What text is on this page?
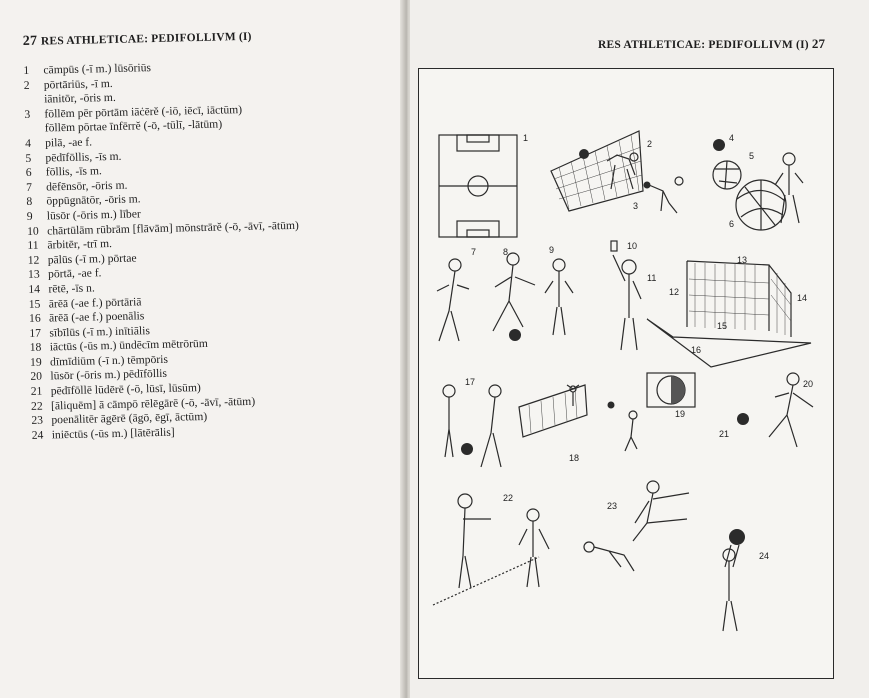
27 RES ATHLETICAE: PEDIFOLLIVM (I)
1	cāmpūs (-ī m.) lūsōriūs
2	pōrtāriūs, -ī m.
iānitōr, -ōris m.
3	fōllēm pēr pōrtām iāċērĕ (-iō, iēcī, iāctūm)
fōllēm pōrtae īnfērrĕ (-ō, -tūlī, -lātūm)
4	pilā, -ae f.
5	pēdīfōllis, -īs m.
6	fōllis, -īs m.
7	dēfēnsōr, -ōris m.
8	ōppūgnātōr, -ōris m.
9	lūsōr (-ōris m.) līber
10 chārtūlām rūbrām [flāvām] mōnstrārĕ (-ō, -āvī, -ātūm)
11 ārbitēr, -trī m.
12 pālūs (-ī m.) pōrtae
13 pōrtā, -ae f.
14 rētē, -īs n.
15 ārēā (-ae f.) pōrtāriā
16 ārēā (-ae f.) poenālis
17 sībīlūs (-ī m.) inītiālis
18 iāctūs (-ūs m.) ūndēcīm mētrōrūm
19 dīmīdiūm (-ī n.) tēmpōris
20 lūsōr (-ōris m.) pēdīfōllis
21 pēdīfōllē lūdērē (-ō, lūsī, lūsūm)
22 [āliquēm] ā cāmpō rēlēgārē (-ō, -āvī, -ātūm)
23 poenālitēr āgērē (āgō, ēgī, āctūm)
24 iniēctūs (-ūs m.) [lātērālis]
RES ATHLETICAE: PEDIFOLLIVM (I) 27
1
2
3
4
5
6
7	8	9	10
11
12
13
14
15
16
17
18
19
20
21
22
23
24
